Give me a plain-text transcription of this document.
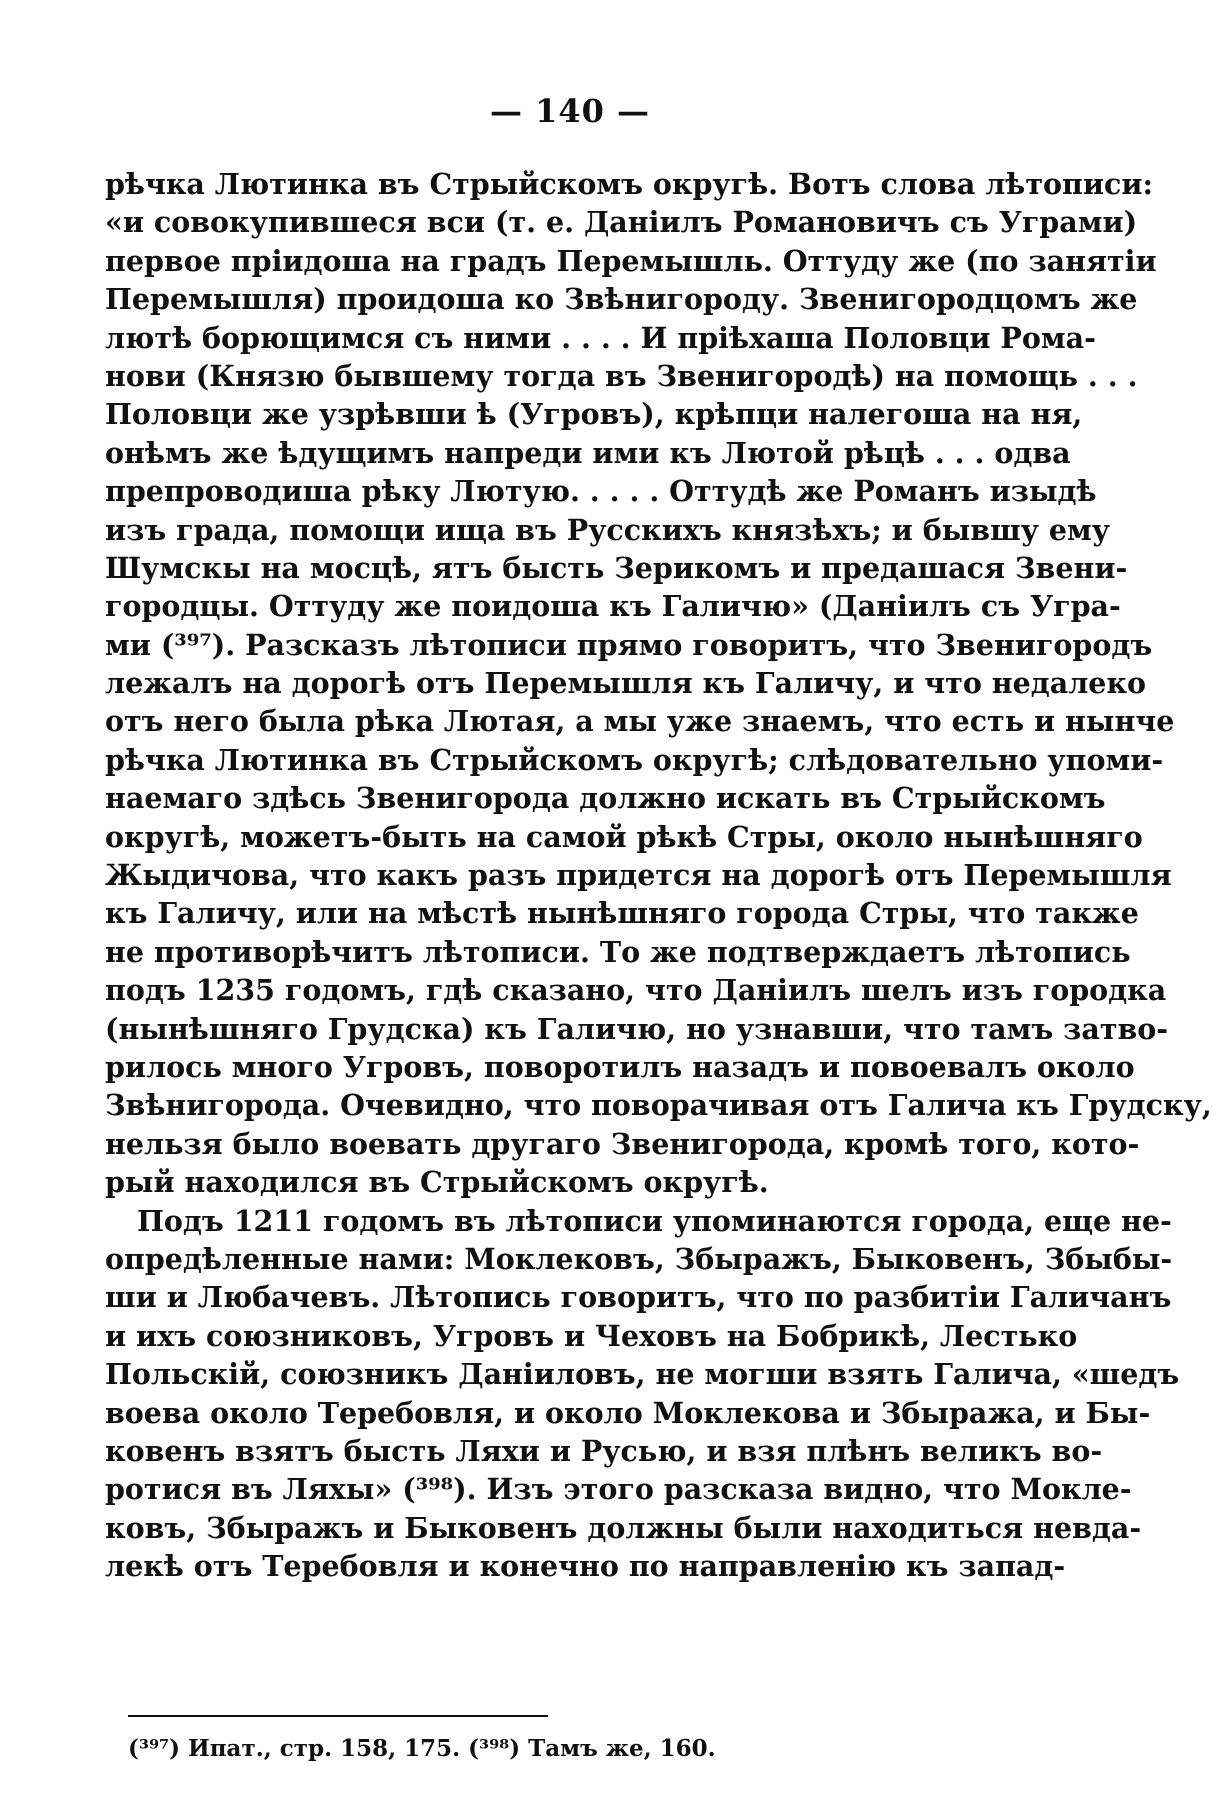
— 140 —
рѣчка Лютинка въ Стрыйскомъ округѣ. Вотъ слова лѣтописи:
«и совокупившеся вси (т. е. Даніилъ Романовичъ съ Уграми)
первое пріидоша на градъ Перемышль. Оттуду же (по занятіи
Перемышля) проидоша ко Звѣнигороду. Звенигородцомъ же
лютѣ борющимся съ ними . . . . И пріѣхаша Половци Рома-
нови (Князю бывшему тогда въ Звенигородѣ) на помощь . . .
Половци же узрѣвши ѣ (Угровъ), крѣпци налегоша на ня,
онѣмъ же ѣдущимъ напреди ими къ Лютой рѣцѣ . . . одва
препроводиша рѣку Лютую. . . . . Оттудѣ же Романъ изыдѣ
изъ града, помощи ища въ Русскихъ князѣхъ; и бывшу ему
Шумскы на мосцѣ, ятъ бысть Зерикомъ и предашася Звени-
городцы. Оттуду же поидоша къ Галичю» (Даніилъ съ Угра-
ми (³⁹⁷). Разсказъ лѣтописи прямо говоритъ, что Звенигородъ
лежалъ на дорогѣ отъ Перемышля къ Галичу, и что недалеко
отъ него была рѣка Лютая, а мы уже знаемъ, что есть и нынче
рѣчка Лютинка въ Стрыйскомъ округѣ; слѣдовательно упоми-
наемаго здѣсь Звенигорода должно искать въ Стрыйскомъ
округѣ, можетъ-быть на самой рѣкѣ Стры, около нынѣшняго
Жыдичова, что какъ разъ придется на дорогѣ отъ Перемышля
къ Галичу, или на мѣстѣ нынѣшняго города Стры, что также
не противорѣчитъ лѣтописи. То же подтверждаетъ лѣтопись
подъ 1235 годомъ, гдѣ сказано, что Даніилъ шелъ изъ городка
(нынѣшняго Грудска) къ Галичю, но узнавши, что тамъ затво-
рилось много Угровъ, поворотилъ назадъ и повоевалъ около
Звѣнигорода. Очевидно, что поворачивая отъ Галича къ Грудску,
нельзя было воевать другаго Звенигорода, кромѣ того, кото-
рый находился въ Стрыйскомъ округѣ.
Подъ 1211 годомъ въ лѣтописи упоминаются города, еще не-
опредѣленные нами: Моклековъ, Збыражъ, Быковенъ, Збыбы-
ши и Любачевъ. Лѣтопись говоритъ, что по разбитіи Галичанъ
и ихъ союзниковъ, Угровъ и Чеховъ на Бобрикѣ, Лестько
Польскій, союзникъ Даніиловъ, не могши взять Галича, «шедъ
воева около Теребовля, и около Моклекова и Збыража, и Бы-
ковенъ взятъ бысть Ляхи и Русью, и взя плѣнъ великъ во-
ротися въ Ляхы» (³⁹⁸). Изъ этого разсказа видно, что Мокле-
ковъ, Збыражъ и Быковенъ должны были находиться невда-
лекѣ отъ Теребовля и конечно по направленію къ запад-
(³⁹⁷) Ипат., стр. 158, 175. (³⁹⁸) Тамъ же, 160.
